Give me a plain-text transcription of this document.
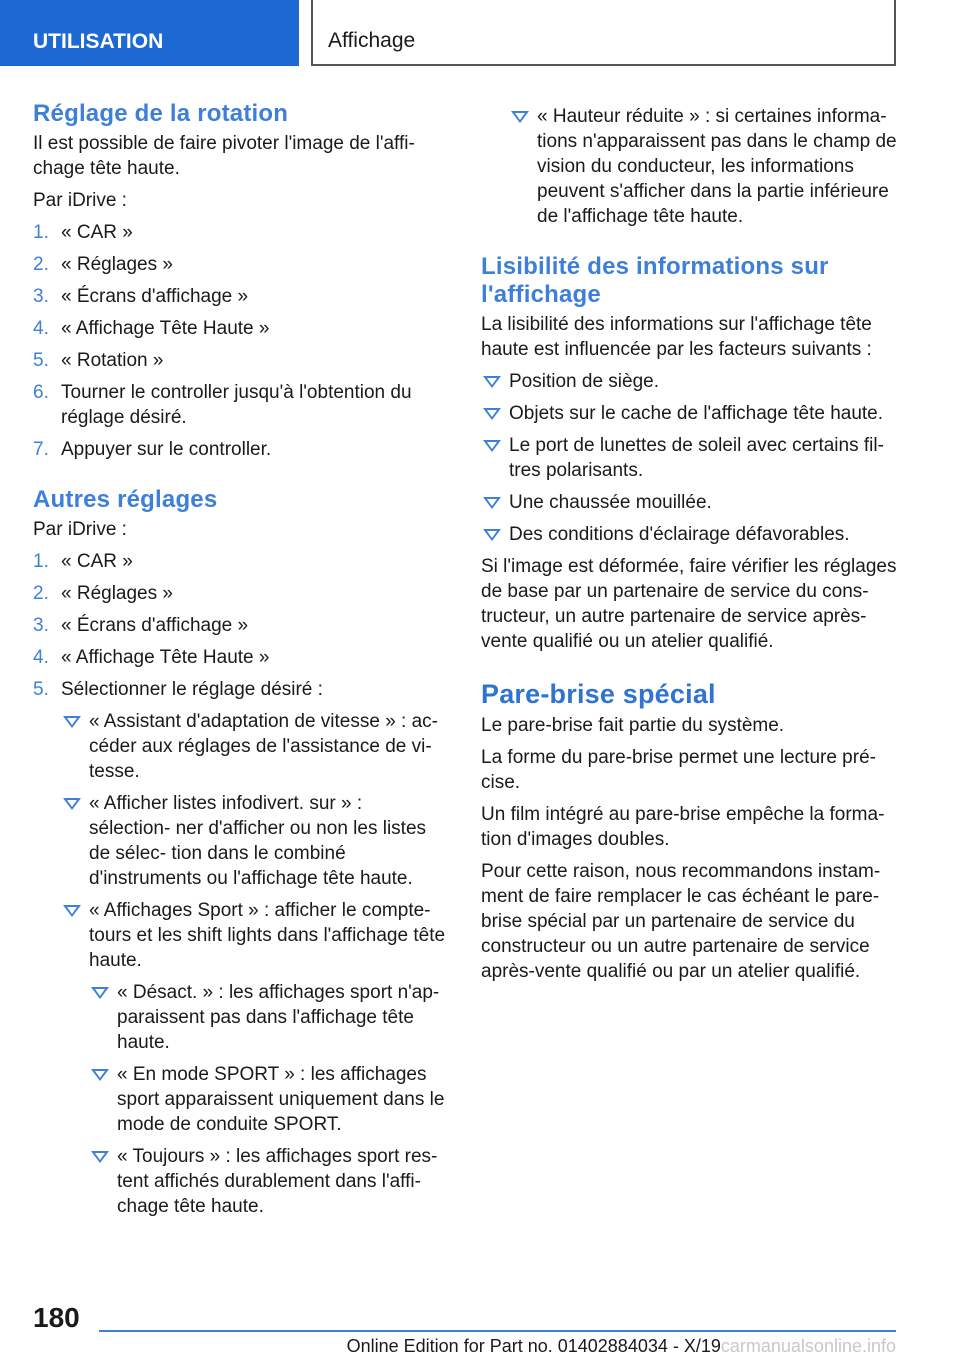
UTILISATION	Affichage
Réglage de la rotation

Il est possible de faire pivoter l'image de l'affi‐ chage tête haute.

Par iDrive :

1. « CAR »
2. « Réglages »
3. « Écrans d'affichage »
4. « Affichage Tête Haute »
5. « Rotation »
6. Tourner le controller jusqu'à l'obtention du réglage désiré.
7. Appuyer sur le controller.
Autres réglages

Par iDrive :

1. « CAR »
2. « Réglages »
3. « Écrans d'affichage »
4. « Affichage Tête Haute »
5. Sélectionner le réglage désiré :
« Assistant d'adaptation de vitesse » : ac‐ céder aux réglages de l'assistance de vi‐ tesse.
« Afficher listes infodivert. sur » : sélection‐ ner d'afficher ou non les listes de sélec‐ tion dans le combiné d'instruments ou l'affichage tête haute.
« Affichages Sport » : afficher le compte- tours et les shift lights dans l'affichage tête haute.
« Désact. » : les affichages sport n'ap‐ paraissent pas dans l'affichage tête haute.
« En mode SPORT » : les affichages sport apparaissent uniquement dans le mode de conduite SPORT.
« Toujours » : les affichages sport res‐ tent affichés durablement dans l'affi‐ chage tête haute.
« Hauteur réduite » : si certaines informa‐ tions n'apparaissent pas dans le champ de vision du conducteur, les informations peuvent s'afficher dans la partie inférieure de l'affichage tête haute.
Lisibilité des informations sur l'affichage

La lisibilité des informations sur l'affichage tête haute est influencée par les facteurs suivants :

Position de siège.
Objets sur le cache de l'affichage tête haute.
Le port de lunettes de soleil avec certains fil‐ tres polarisants.
Une chaussée mouillée.
Des conditions d'éclairage défavorables.

Si l'image est déformée, faire vérifier les réglages de base par un partenaire de service du cons‐ tructeur, un autre partenaire de service après- vente qualifié ou un atelier qualifié.

Pare-brise spécial

Le pare-brise fait partie du système.

La forme du pare-brise permet une lecture pré‐ cise.

Un film intégré au pare-brise empêche la forma‐ tion d'images doubles.

Pour cette raison, nous recommandons instam‐ ment de faire remplacer le cas échéant le pare- brise spécial par un partenaire de service du constructeur ou un autre partenaire de service après-vente qualifié ou par un atelier qualifié.

180
Online Edition for Part no. 01402884034 - X/19carmanualsonline.info
